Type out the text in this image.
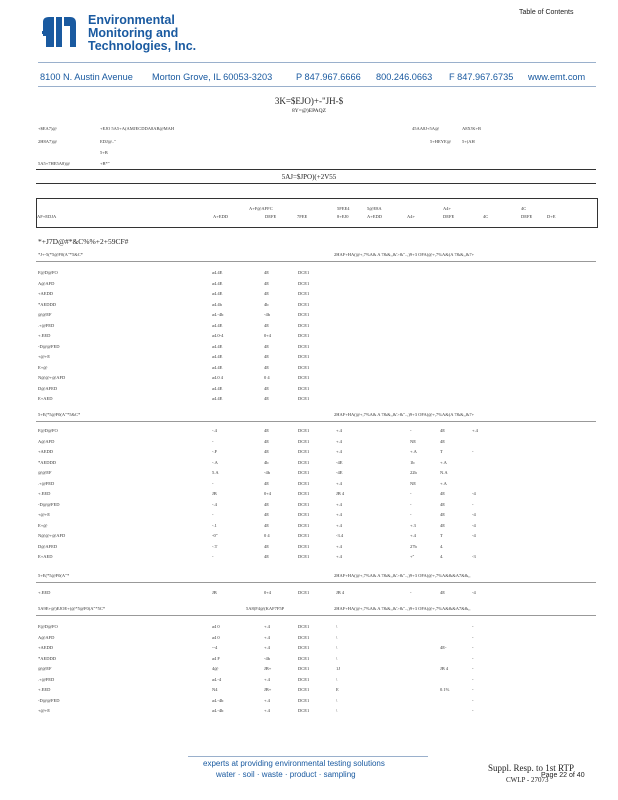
Environmental
Monitoring and
Technologies, Inc.
Table of Contents
8100 N. Austin Avenue Morton Grove, IL 60053-3203	P 847.967.6666 800.246.0663 F 847.967.6735 www.emt.com
3K=$EJO)+-"JH-$
8Y=@)EPAQZ
+$EA7)@	+EJO 5A5+A(AMJECDDA8AB@MAH
2H8A7)@	EDJ@.."
5+B
5A5+7HE5A8)@	+B*"
45AA8J+5A@	A8X!K+B
5+HEYE@ 5+(AH
5AJ=$JPO)(+2V55
A+F@AFFC	5FEE4	5@E8A	A4+	4C
AF+EDJA	A+EDD	DEFE	7FEE	8+EJ0	A+EDD	A4+	DEFE	4C	DEFE	D+E
*+J7D@#*&C%%+2+59CF#
*J+-5(*5@F0(A"*5&C*	2HAF+HA(@+,7%A& A 7&&,,&'>&"..,)9+3 OFA(@+,7%A&(A 7&&,,&7+
F@D@FO	a4.4E	4E	DCE1
A@AFD	a4.4E	4E	DCE1
+AEDD	a4.4E	4E	DCE1
*AEDDD	a4.4b	4b	DCE1
@@EF	a4.-4b	-4b	DCE1
.+@FED	a4.4E	4E	DCE1
+.EED	a4.0-4	0+4	DCE1
-D@@FED	a4.4E	4E	DCE1
+@+E	a4.4E	4E	DCE1
E+@	a4.4E	4E	DCE1
N@@+@AFD	a4.0 4	0 4	DCE1
D@AFED	a4.4E	4E	DCE1
E+AED	a4.4E	4E	DCE1
5+E(*5@F0(A"*5&C*	2HAF+HA(@+,7%A& A 7&&,,&'>&"..,)9+3 OFA(@+,7%A&(A 7&&,,&7+
F@D@FO	-.4	4E	DCE1	+.4	-	4E	+.4
A@AFD	-	4E	DCE1	+.4	NE	4E
+AEDD	-.F	4E	DCE1	+.4	+.A	T	-
*AEDDD	-.A	4b	DCE1	-4E	1b	+.A
@@EF	5.A	-4b	DCE1	-4E	22b	N.A
.+@FED	-	4E	DCE1	+.4	NE	+.A
+.EED	JB	0+4	DCE1	JB 4	-	4E	-4
-D@@FED	-.4	4E	DCE1	+.4	-	4E	-
+@+E	-	4E	DCE1	+.4	-	4E	-4
E+@	-.1	4E	DCE1	+.4	+.3	4E	-4
N@@+@AFD	-0"	0 4	DCE1	-3.4	+.4	T	-4
D@AFED	-.T	4E	DCE1	+.4	27b	4.
E+AED	-	4E	DCE1	+.4	+"	4.	-3
5+E(*5@F0(A"*	2HAF+HA(@+,7%A& A 7&&,,&'>&"..,)9+3 OFA(@+,7%A&&&A7&&,,
+.EED	JB	0+4	DCE1	JB 4	-	4E	-4
5A9E+@)EJOE+(@*5@F0(A"*5C*	5A8(F4@(KAF7F5P	2HAF+HA(@+,7%A& A 7&&,,&'>&"..,)9+3 OFA(@+,7%A&&&A7&&,,
F@D@FO	a4 0	+.4	DCE1	\	-
A@AFD	a4 0	+.4	DCE1	\	-
+AEDD	--4	+.4	DCE1	\	4E-	-
*AEDDD	a4 F	-4b	DCE1	\	-
@@EF	4@	JB+	DCE1	1J	JB 4	-
.+@FED	a4.-4	+.4	DCE1	\	-
+.EED	N4	JB+	DCE1	E	0.1%	-
-D@@FED	a4.-4b	+.4	DCE1	\	-
+@+E	a4.-4b	+.4	DCE1	\	-
experts at providing environmental testing solutions
water · soil · waste · product · sampling
Suppl. Resp. to 1st RTP
CWLP - 27073
Page 22 of 40
